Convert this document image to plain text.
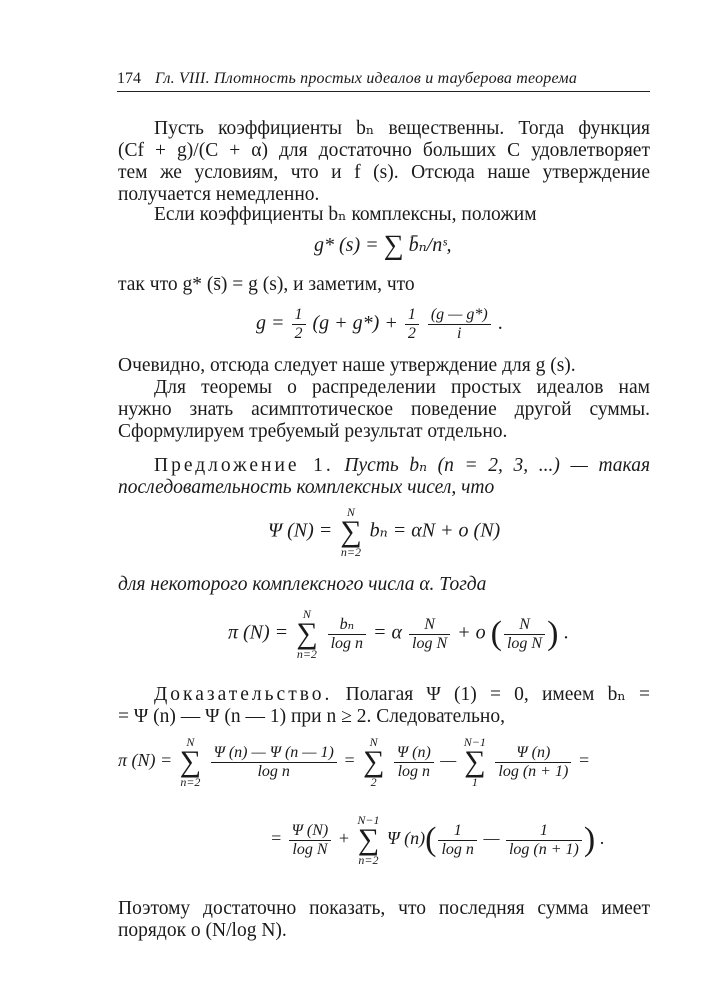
174 Гл. VIII. Плотность простых идеалов и тауберова теорема
Пусть коэффициенты bₙ вещественны. Тогда функция
(Cf + g)/(C + α) для достаточно больших C удовлетворяет
тем же условиям, что и f (s). Отсюда наше утверждение
получается немедленно.
Если коэффициенты bₙ комплексны, положим
g* (s) = ∑ b̄ₙ/nˢ,
так что g* (s̄) = g (s), и заметим, что
$g = \frac{1}{2} (g + g*) + \frac{1}{2}$
$\frac{(g — g*)}{i}$ .
Очевидно, отсюда следует наше утверждение для g (s).
Для теоремы о распределении простых идеалов нам
нужно знать асимптотическое поведение другой суммы.
Сформулируем требуемый результат отдельно.
Предложение 1. Пусть bₙ (n = 2, 3, ...) — такая
последовательность комплексных чисел, что
Ψ (N) =
N
∑
n=2
bₙ = αN + o (N)
для некоторого комплексного числа α. Тогда
π (N) =
N
∑
n=2

$\frac{\text{bₙ}}{\text{log n}} = \alpha \frac{N}{\text{log N}} + o$ ( $\frac{N}{\text{log N}}$ ) .
Доказательство. Полагая Ψ (1) = 0, имеем bₙ =
= Ψ (n) — Ψ (n — 1) при n ≥ 2. Следовательно,
π (N) =
N
∑
n=2

$\frac{\Psi (n) — \Psi (n — 1)}{\text{log n}}$ =
N
∑
2

$\frac{\Psi (n)}{\text{log n}}$ —
N−1
∑
1

$\frac{\Psi (n)}{\log (n + 1)}$ =
= $\frac{\Psi (N)}{\text{log N}}$ +
N−1
∑
n=2
Ψ $(n)( \frac{1}{\text{log n}}$ — $\frac{1}{\log (n + 1)}$ ) .
Поэтому достаточно показать, что последняя сумма имеет
порядок o (N/log N).
